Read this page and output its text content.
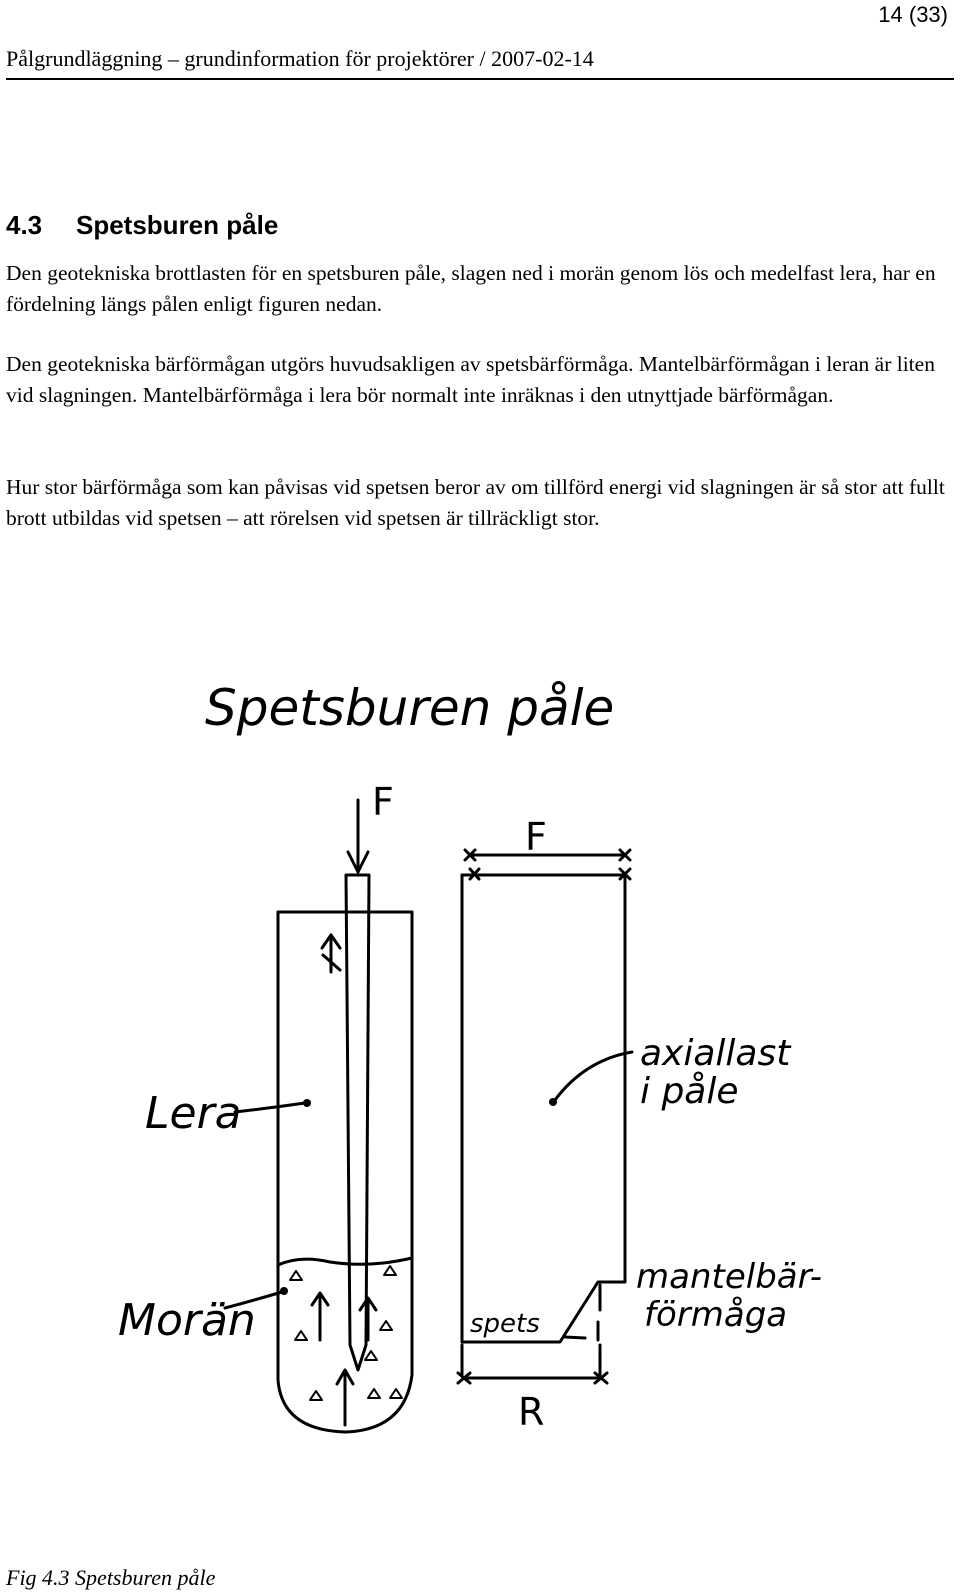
14 (33)
Pålgrundläggning – grundinformation för projektörer / 2007-02-14
4.3 Spetsburen påle

Den geotekniska brottlasten för en spetsburen påle, slagen ned i morän genom lös och medelfast lera, har en fördelning längs pålen enligt figuren nedan.

Den geotekniska bärförmågan utgörs huvudsakligen av spetsbärförmåga. Mantelbärförmågan i leran är liten vid slagningen. Mantelbärförmåga i lera bör normalt inte inräknas i den utnyttjade bärförmågan.

Hur stor bärförmåga som kan påvisas vid spetsen beror av om tillförd energi vid slagningen är så stor att fullt brott utbildas vid spetsen – att rörelsen vid spetsen är tillräckligt stor.

Spetsburen påle
F
F
Lera
Morän
axiallast
i påle
spets
mantelbär-
förmåga
R
Fig 4.3 Spetsburen påle
